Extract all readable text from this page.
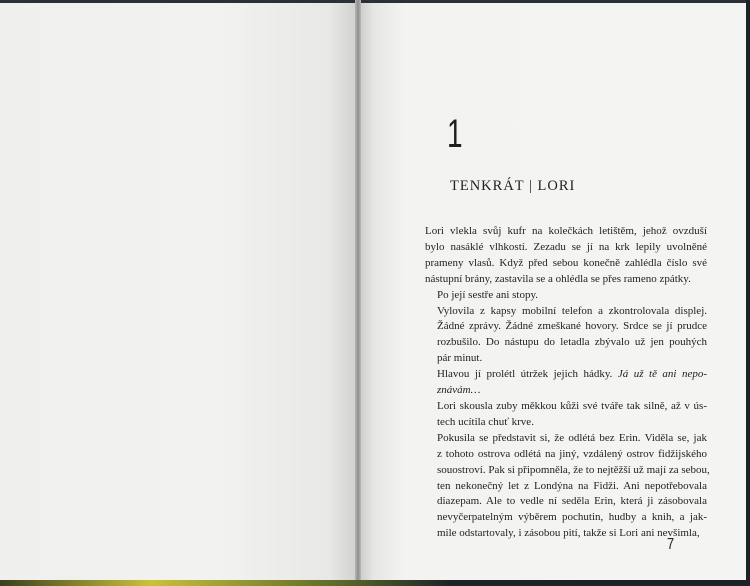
1
TENKRÁT | LORI
Lori vlekla svůj kufr na kolečkách letištěm, jehož ovzduší
bylo nasáklé vlhkostí. Zezadu se jí na krk lepily uvolněné
prameny vlasů. Když před sebou konečně zahlédla číslo své
nástupní brány, zastavila se a ohlédla se přes rameno zpátky.
Po její sestře ani stopy.
Vylovila z kapsy mobilní telefon a zkontrolovala displej.
Žádné zprávy. Žádné zmeškané hovory. Srdce se jí prudce
rozbušilo. Do nástupu do letadla zbývalo už jen pouhých
pár minut.
Hlavou jí prolétl útržek jejich hádky. Já už tě ani nepo-
znávám…
Lori skousla zuby měkkou kůži své tváře tak silně, až v ús-
tech ucítila chuť krve.
Pokusila se představit si, že odlétá bez Erin. Viděla se, jak
z tohoto ostrova odlétá na jiný, vzdálený ostrov fidžijského
souostroví. Pak si připomněla, že to nejtěžší už mají za sebou,
ten nekonečný let z Londýna na Fidži. Ani nepotřebovala
diazepam. Ale to vedle ní seděla Erin, která ji zásobovala
nevyčerpatelným výběrem pochutin, hudby a knih, a jak-
mile odstartovaly, i zásobou pití, takže si Lori ani nevšimla,
7
